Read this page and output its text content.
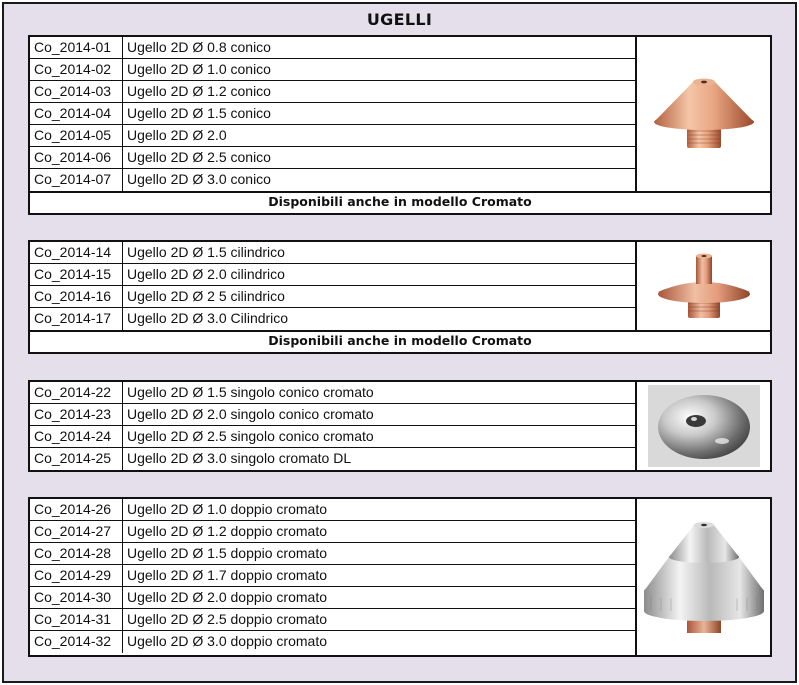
UGELLI
Co_2014-01	Ugello 2D Ø 0.8 conico
Co_2014-02	Ugello 2D Ø 1.0 conico
Co_2014-03	Ugello 2D Ø 1.2 conico
Co_2014-04	Ugello 2D Ø 1.5 conico
Co_2014-05	Ugello 2D Ø 2.0
Co_2014-06	Ugello 2D Ø 2.5 conico
Co_2014-07	Ugello 2D Ø 3.0 conico
Disponibili anche in modello Cromato
Co_2014-14	Ugello 2D Ø 1.5 cilindrico
Co_2014-15	Ugello 2D Ø 2.0 cilindrico
Co_2014-16	Ugello 2D Ø 2 5 cilindrico
Co_2014-17	Ugello 2D Ø 3.0 Cilindrico
Disponibili anche in modello Cromato
Co_2014-22	Ugello 2D Ø 1.5 singolo conico cromato
Co_2014-23	Ugello 2D Ø 2.0 singolo conico cromato
Co_2014-24	Ugello 2D Ø 2.5 singolo conico cromato
Co_2014-25	Ugello 2D Ø 3.0 singolo cromato DL
Co_2014-26	Ugello 2D Ø 1.0 doppio cromato
Co_2014-27	Ugello 2D Ø 1.2 doppio cromato
Co_2014-28	Ugello 2D Ø 1.5 doppio cromato
Co_2014-29	Ugello 2D Ø 1.7 doppio cromato
Co_2014-30	Ugello 2D Ø 2.0 doppio cromato
Co_2014-31	Ugello 2D Ø 2.5 doppio cromato
Co_2014-32	Ugello 2D Ø 3.0 doppio cromato
